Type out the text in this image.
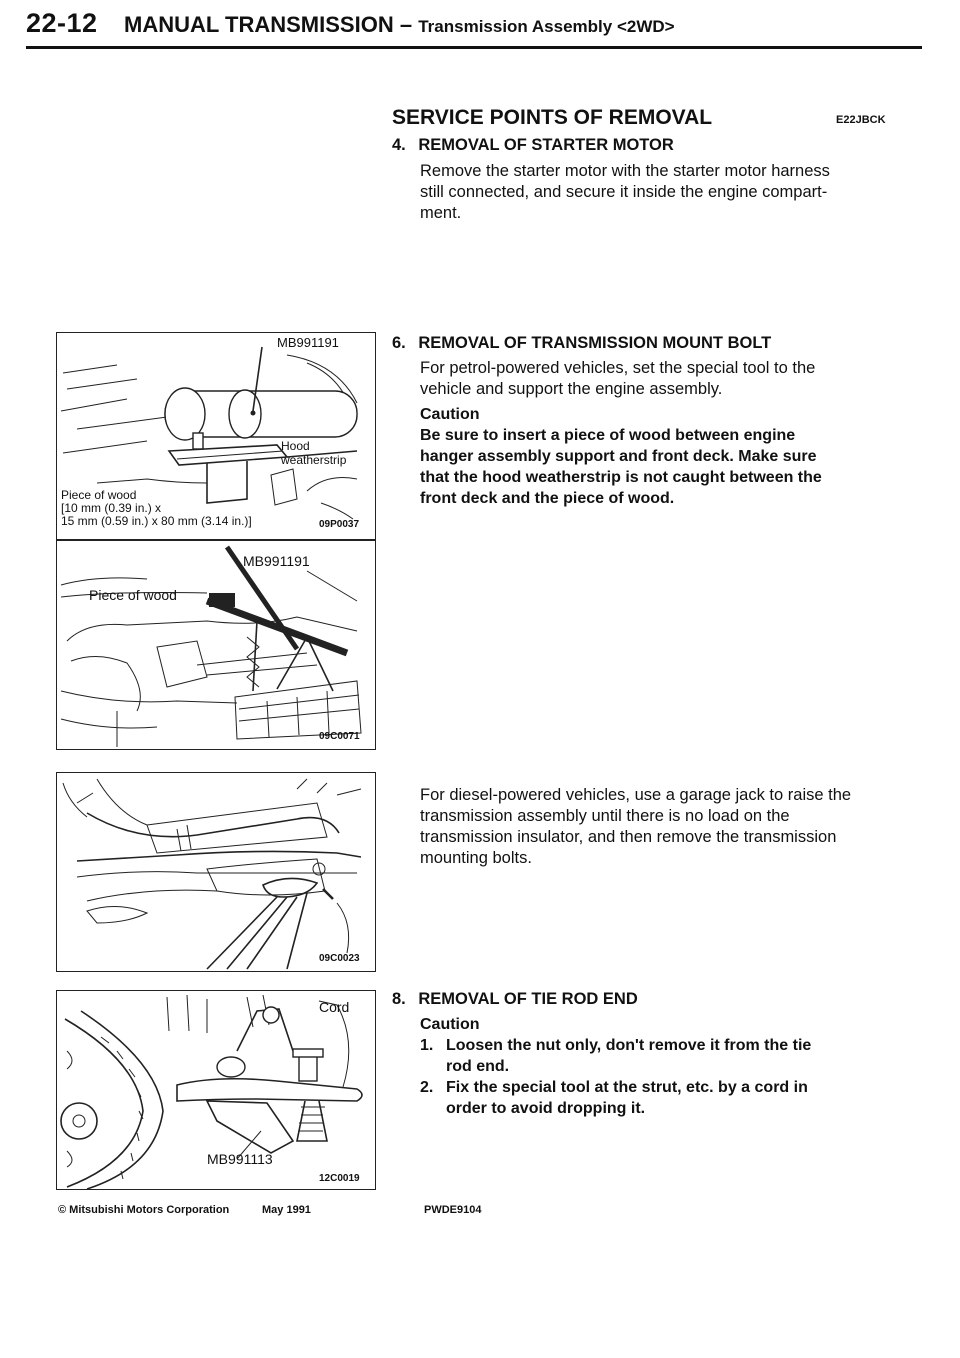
22-12 MANUAL TRANSMISSION – Transmission Assembly <2WD>
SERVICE POINTS OF REMOVAL	E22JBCK
4. REMOVAL OF STARTER MOTOR
Remove the starter motor with the starter motor harness
still connected, and secure it inside the engine compart-
ment.
6. REMOVAL OF TRANSMISSION MOUNT BOLT
For petrol-powered vehicles, set the special tool to the
vehicle and support the engine assembly.
Caution
Be sure to insert a piece of wood between engine
hanger assembly support and front deck. Make sure
that the hood weatherstrip is not caught between the
front deck and the piece of wood.
For diesel-powered vehicles, use a garage jack to raise the
transmission assembly until there is no load on the
transmission insulator, and then remove the transmission
mounting bolts.
8. REMOVAL OF TIE ROD END
Caution
1. Loosen the nut only, don't remove it from the tie
rod end.
2. Fix the special tool at the strut, etc. by a cord in
order to avoid dropping it.
MB991191
Hood weatherstrip
Piece of wood
[10 mm (0.39 in.) x
15 mm (0.59 in.) x 80 mm (3.14 in.)]	09P0037
MB991191
Piece of wood
09C0071
09C0023
Cord
MB991113
12C0019
© Mitsubishi Motors Corporation	May 1991	PWDE9104
